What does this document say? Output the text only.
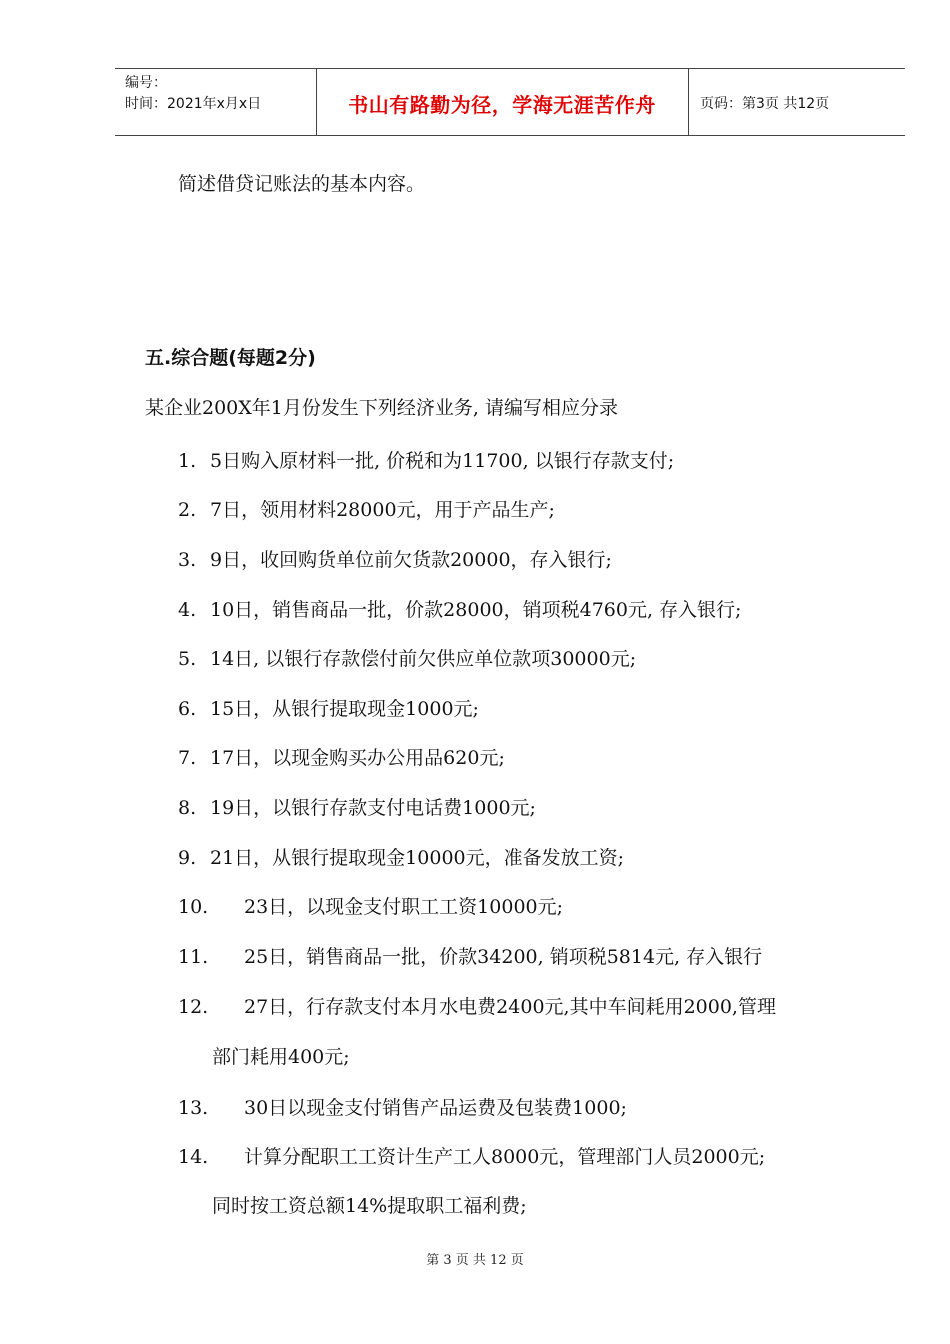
编号：
时间：2021年x月x日	书山有路勤为径，学海无涯苦作舟	页码：第3页 共12页
简述借贷记账法的基本内容。
五.综合题(每题2分)
某企业200X年1月份发生下列经济业务, 请编写相应分录
1. 5日购入原材料一批, 价税和为11700, 以银行存款支付;
2. 7日，领用材料28000元，用于产品生产;
3. 9日，收回购货单位前欠货款20000，存入银行;
4. 10日，销售商品一批，价款28000，销项税4760元, 存入银行;
5. 14日, 以银行存款偿付前欠供应单位款项30000元;
6. 15日，从银行提取现金1000元;
7. 17日，以现金购买办公用品620元;
8. 19日，以银行存款支付电话费1000元;
9. 21日，从银行提取现金10000元，准备发放工资;
10. 23日，以现金支付职工工资10000元;
11. 25日，销售商品一批，价款34200, 销项税5814元, 存入银行
12. 27日，行存款支付本月水电费2400元,其中车间耗用2000,管理
部门耗用400元;
13. 30日以现金支付销售产品运费及包装费1000;
14. 计算分配职工工资计生产工人8000元，管理部门人员2000元;
同时按工资总额14%提取职工福利费;
第 3 页 共 12 页
